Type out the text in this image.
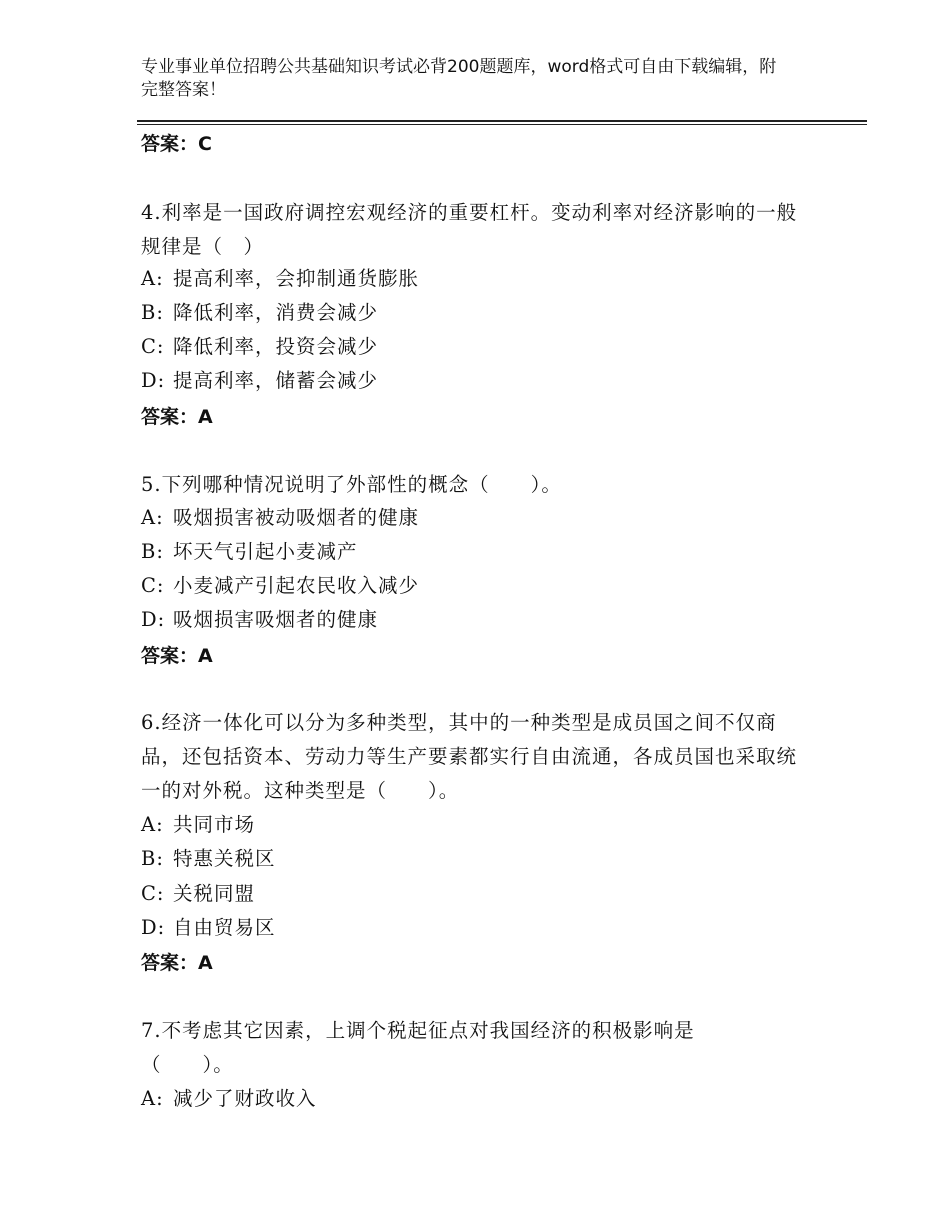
专业事业单位招聘公共基础知识考试必背200题题库，word格式可自由下载编辑，附完整答案！
答案：C
4.利率是一国政府调控宏观经济的重要杠杆。变动利率对经济影响的一般规律是（　）
A: 提高利率，会抑制通货膨胀
B: 降低利率，消费会减少
C: 降低利率，投资会减少
D: 提高利率，储蓄会减少
答案：A
5.下列哪种情况说明了外部性的概念（　　）。
A: 吸烟损害被动吸烟者的健康
B: 坏天气引起小麦减产
C: 小麦减产引起农民收入减少
D: 吸烟损害吸烟者的健康
答案：A
6.经济一体化可以分为多种类型，其中的一种类型是成员国之间不仅商品，还包括资本、劳动力等生产要素都实行自由流通，各成员国也采取统一的对外税。这种类型是（　　）。
A: 共同市场
B: 特惠关税区
C: 关税同盟
D: 自由贸易区
答案：A
7.不考虑其它因素，上调个税起征点对我国经济的积极影响是（　　）。
A: 减少了财政收入
